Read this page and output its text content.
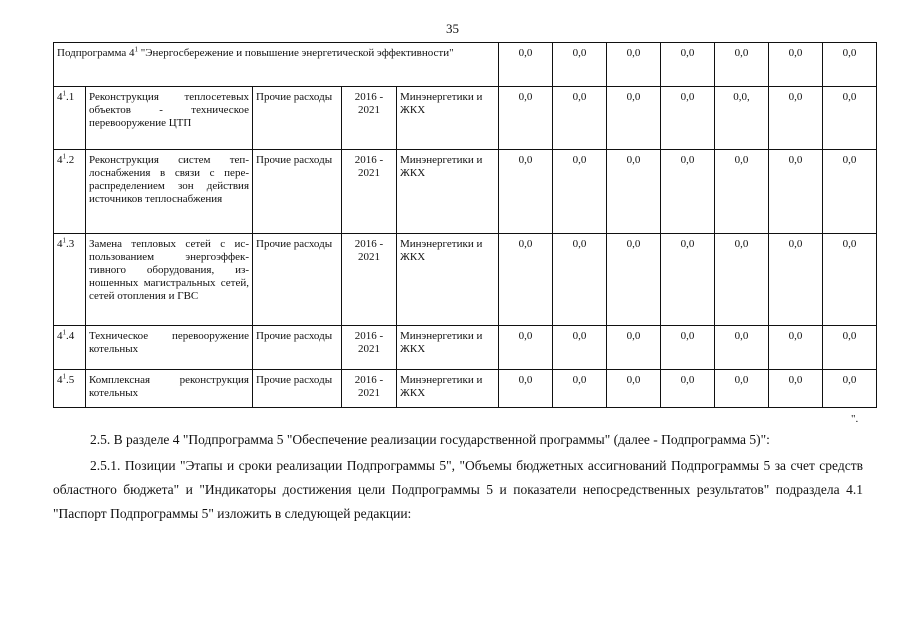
35
Подпрограмма $4^1$ "Энергосбережение и повышение энергетической эффективности"					0,0	0,0	0,0	0,0	0,0	0,0	0,0
$4^1.1$	Реконструкция теплосетевых объектов - техническое перевооружение ЦТП	Прочие расходы	2016 - 2021	Минэнергетики и ЖКХ	0,0	0,0	0,0	0,0	0,0,	0,0	0,0
$4^1.2$	Реконструкция систем теплоснабжения в связи с перераспределением зон действия источников теплоснабжения	Прочие расходы	2016 - 2021	Минэнергетики и ЖКХ	0,0	0,0	0,0	0,0	0,0	0,0	0,0
$4^1.3$	Замена тепловых сетей с использованием энергоэффективного оборудования, изношенных магистральных сетей, сетей отопления и ГВС	Прочие расходы	2016 - 2021	Минэнергетики и ЖКХ	0,0	0,0	0,0	0,0	0,0	0,0	0,0
$4^1.4$	Техническое перевооружение котельных	Прочие расходы	2016 - 2021	Минэнергетики и ЖКХ	0,0	0,0	0,0	0,0	0,0	0,0	0,0
$4^1.5$	Комплексная реконструкция котельных	Прочие расходы	2016 - 2021	Минэнергетики и ЖКХ	0,0	0,0	0,0	0,0	0,0	0,0	0,0
".
2.5. В разделе 4 "Подпрограмма 5 "Обеспечение реализации государственной программы" (далее - Подпрограмма 5)":
2.5.1. Позиции "Этапы и сроки реализации Подпрограммы 5", "Объемы бюджетных ассигнований Подпрограммы 5 за счет средств областного бюджета" и "Индикаторы достижения цели Подпрограммы 5 и показатели непосредственных результатов" подраздела 4.1 "Паспорт Подпрограммы 5" изложить в следующей редакции:
